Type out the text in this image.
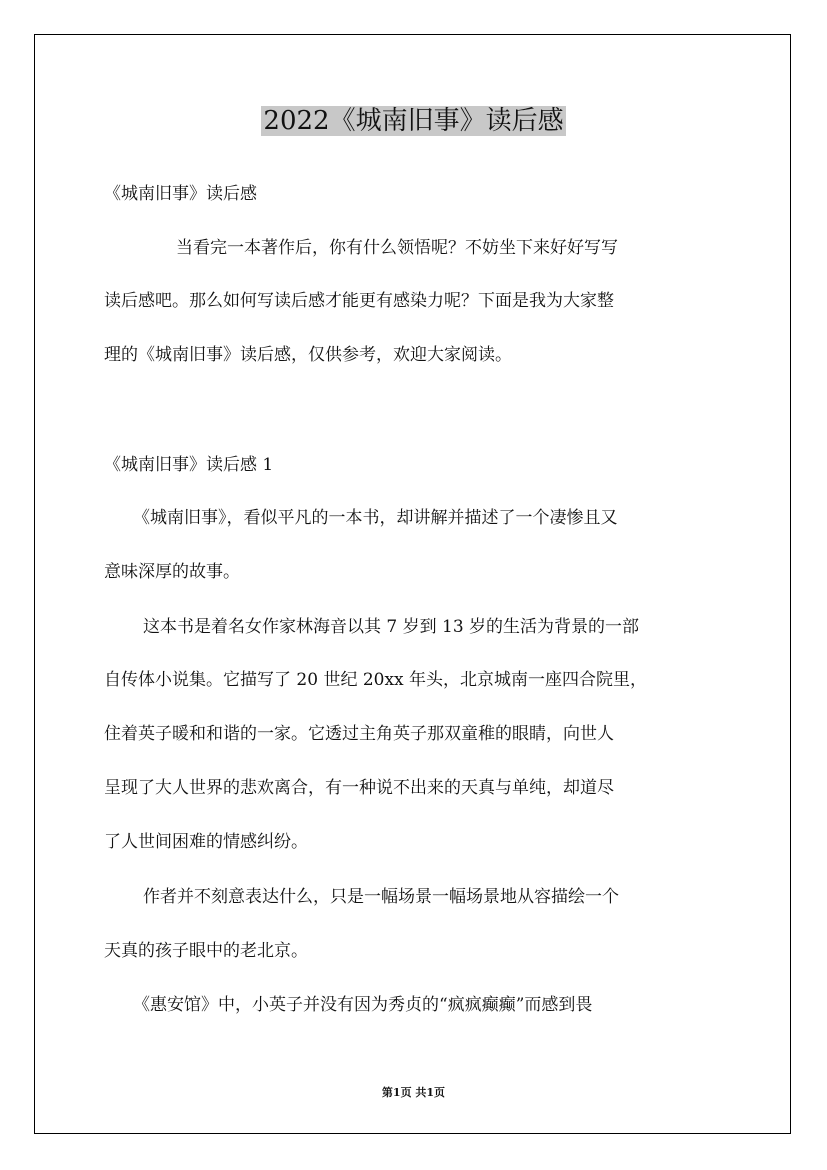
2022《城南旧事》读后感
《城南旧事》读后感
当看完一本著作后，你有什么领悟呢？不妨坐下来好好写写
读后感吧。那么如何写读后感才能更有感染力呢？下面是我为大家整
理的《城南旧事》读后感，仅供参考，欢迎大家阅读。
《城南旧事》读后感 1
《城南旧事》，看似平凡的一本书，却讲解并描述了一个凄惨且又
意味深厚的故事。
这本书是着名女作家林海音以其 7 岁到 13 岁的生活为背景的一部
自传体小说集。它描写了 20 世纪 20xx 年头，北京城南一座四合院里，
住着英子暖和和谐的一家。它透过主角英子那双童稚的眼睛，向世人
呈现了大人世界的悲欢离合，有一种说不出来的天真与单纯，却道尽
了人世间困难的情感纠纷。
作者并不刻意表达什么，只是一幅场景一幅场景地从容描绘一个
天真的孩子眼中的老北京。
《惠安馆》中，小英子并没有因为秀贞的“疯疯癫癫”而感到畏
第1页 共1页
